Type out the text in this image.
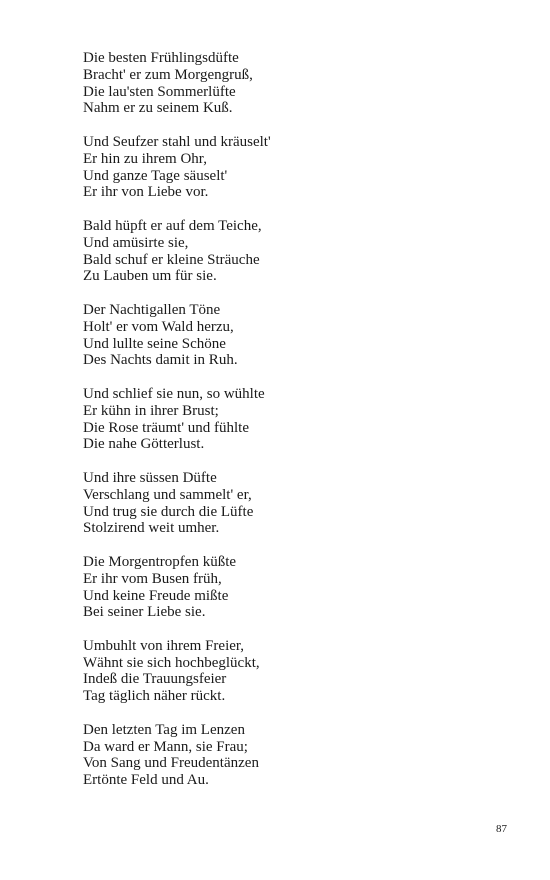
Die besten Frühlingsdüfte
Bracht' er zum Morgengruß,
Die lau'sten Sommerlüfte
Nahm er zu seinem Kuß.
Und Seufzer stahl und kräuselt'
Er hin zu ihrem Ohr,
Und ganze Tage säuselt'
Er ihr von Liebe vor.
Bald hüpft er auf dem Teiche,
Und amüsirte sie,
Bald schuf er kleine Sträuche
Zu Lauben um für sie.
Der Nachtigallen Töne
Holt' er vom Wald herzu,
Und lullte seine Schöne
Des Nachts damit in Ruh.
Und schlief sie nun, so wühlte
Er kühn in ihrer Brust;
Die Rose träumt' und fühlte
Die nahe Götterlust.
Und ihre süssen Düfte
Verschlang und sammelt' er,
Und trug sie durch die Lüfte
Stolzirend weit umher.
Die Morgentropfen küßte
Er ihr vom Busen früh,
Und keine Freude mißte
Bei seiner Liebe sie.
Umbuhlt von ihrem Freier,
Wähnt sie sich hochbeglückt,
Indeß die Trauungsfeier
Tag täglich näher rückt.
Den letzten Tag im Lenzen
Da ward er Mann, sie Frau;
Von Sang und Freudentänzen
Ertönte Feld und Au.
87
